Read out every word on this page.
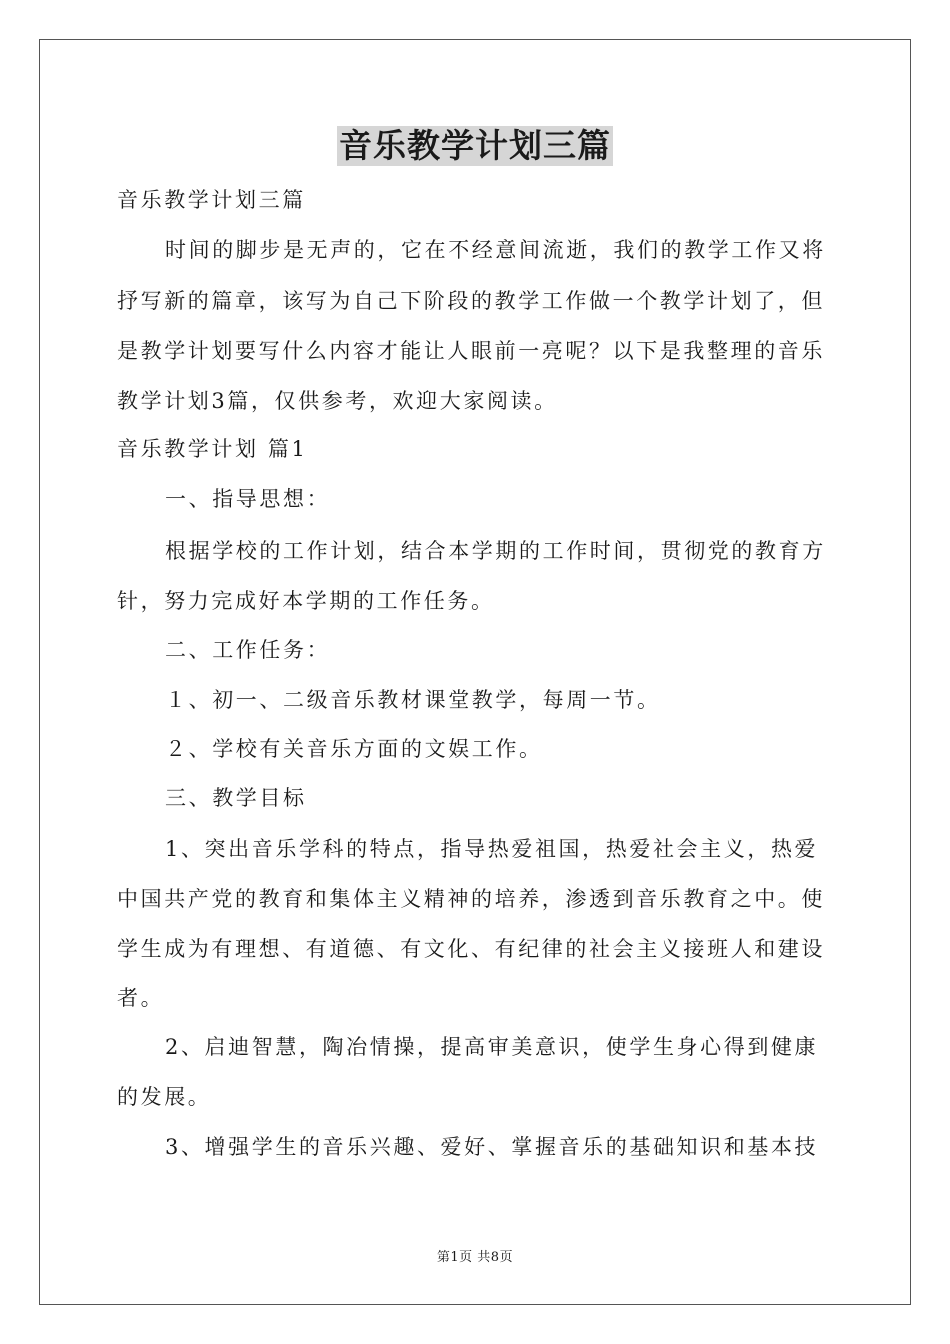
音乐教学计划三篇
音乐教学计划三篇
时间的脚步是无声的，它在不经意间流逝，我们的教学工作又将
抒写新的篇章，该写为自己下阶段的教学工作做一个教学计划了，但
是教学计划要写什么内容才能让人眼前一亮呢？以下是我整理的音乐
教学计划3篇，仅供参考，欢迎大家阅读。
音乐教学计划 篇1
一、指导思想：
根据学校的工作计划，结合本学期的工作时间，贯彻党的教育方
针，努力完成好本学期的工作任务。
二、工作任务：
１、初一、二级音乐教材课堂教学，每周一节。
２、学校有关音乐方面的文娱工作。
三、教学目标
1、突出音乐学科的特点，指导热爱祖国，热爱社会主义，热爱
中国共产党的教育和集体主义精神的培养，渗透到音乐教育之中。使
学生成为有理想、有道德、有文化、有纪律的社会主义接班人和建设
者。
2、启迪智慧，陶冶情操，提高审美意识，使学生身心得到健康
的发展。
3、增强学生的音乐兴趣、爱好、掌握音乐的基础知识和基本技
第1页 共8页
